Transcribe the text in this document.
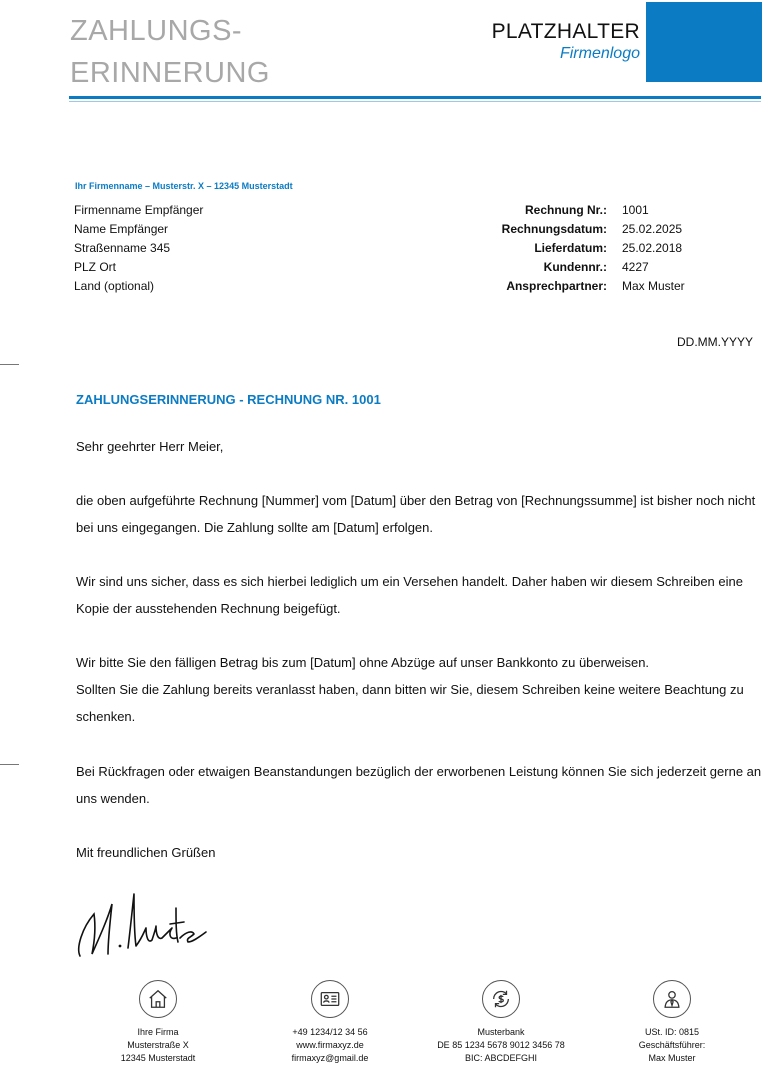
ZAHLUNGS-
ERINNERUNG
PLATZHALTER
Firmenlogo
Ihr Firmenname – Musterstr. X – 12345 Musterstadt
Firmenname Empfänger
Name Empfänger
Straßenname 345
PLZ Ort
Land (optional)
Rechnung Nr.:	1001
Rechnungsdatum:	25.02.2025
Lieferdatum:	25.02.2018
Kundennr.:	4227
Ansprechpartner:	Max Muster
DD.MM.YYYY
ZAHLUNGSERINNERUNG - RECHNUNG NR. 1001
Sehr geehrter Herr Meier,
die oben aufgeführte Rechnung [Nummer] vom [Datum] über den Betrag von [Rechnungssumme] ist bisher noch nicht bei uns eingegangen. Die Zahlung sollte am [Datum] erfolgen.
Wir sind uns sicher, dass es sich hierbei lediglich um ein Versehen handelt. Daher haben wir diesem Schreiben eine Kopie der ausstehenden Rechnung beigefügt.
Wir bitte Sie den fälligen Betrag bis zum [Datum] ohne Abzüge auf unser Bankkonto zu überweisen.
Sollten Sie die Zahlung bereits veranlasst haben, dann bitten wir Sie, diesem Schreiben keine weitere Beachtung zu schenken.
Bei Rückfragen oder etwaigen Beanstandungen bezüglich der erworbenen Leistung können Sie sich jederzeit gerne an uns wenden.
Mit freundlichen Grüßen
Ihre Firma
Musterstraße X
12345 Musterstadt
+49 1234/12 34 56
www.firmaxyz.de
firmaxyz@gmail.de
Musterbank
DE 85 1234 5678 9012 3456 78
BIC: ABCDEFGHI
USt. ID: 0815
Geschäftsführer:
Max Muster
